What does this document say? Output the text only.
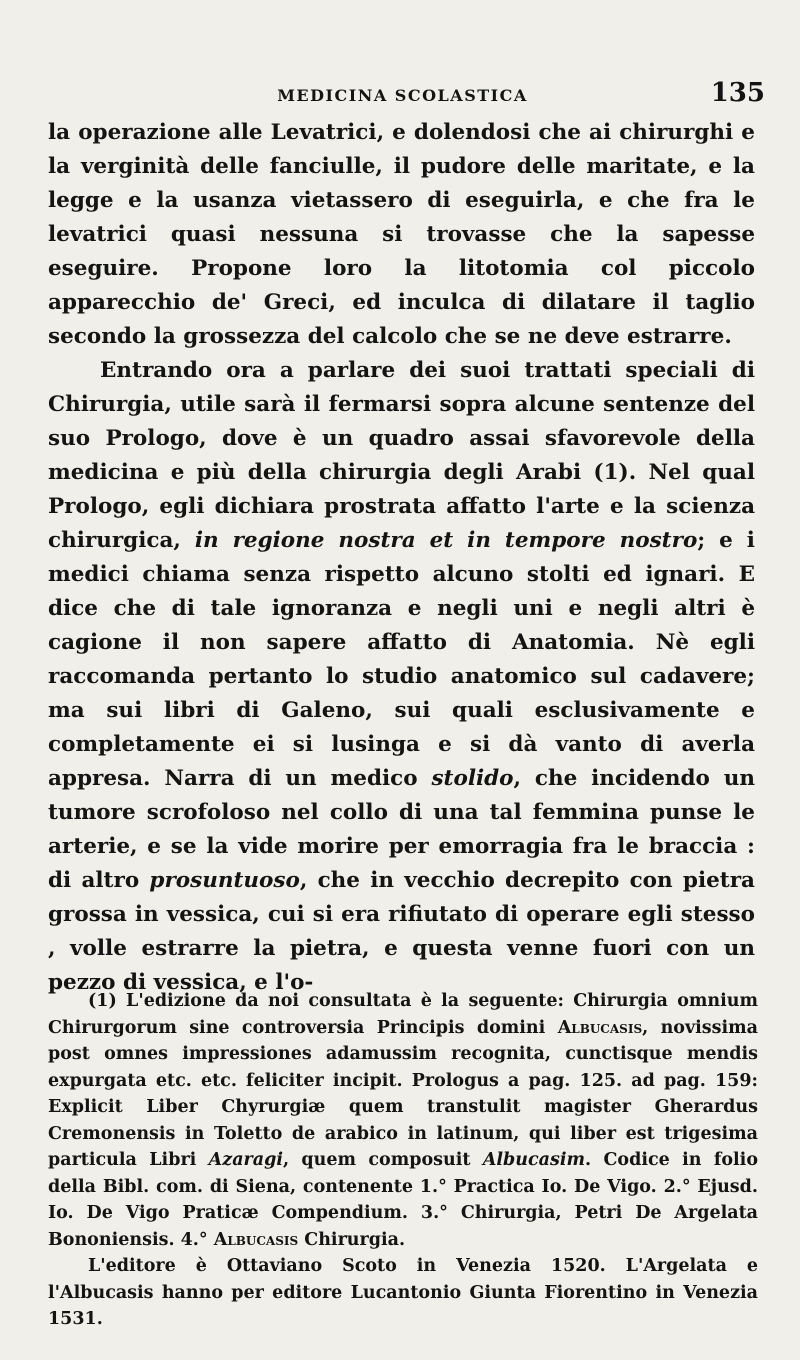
MEDICINA SCOLASTICA	135

la operazione alle Levatrici, e dolendosi che ai chirurghi e la verginità delle fanciulle, il pudore delle maritate, e la legge e la usanza vietassero di eseguirla, e che fra le levatrici quasi nessuna si trovasse che la sapesse eseguire. Propone loro la litotomia col piccolo apparecchio de' Greci, ed inculca di dilatare il taglio secondo la grossezza del calcolo che se ne deve estrarre.

Entrando ora a parlare dei suoi trattati speciali di Chirurgia, utile sarà il fermarsi sopra alcune sentenze del suo Prologo, dove è un quadro assai sfavorevole della medicina e più della chirurgia degli Arabi (1). Nel qual Prologo, egli dichiara prostrata affatto l'arte e la scienza chirurgica, in regione nostra et in tempore nostro; e i medici chiama senza rispetto alcuno stolti ed ignari. E dice che di tale ignoranza e negli uni e negli altri è cagione il non sapere affatto di Anatomia. Nè egli raccomanda pertanto lo studio anatomico sul cadavere; ma sui libri di Galeno, sui quali esclusivamente e completamente ei si lusinga e si dà vanto di averla appresa. Narra di un medico stolido, che incidendo un tumore scrofoloso nel collo di una tal femmina punse le arterie, e se la vide morire per emorragia fra le braccia : di altro prosuntuoso, che in vecchio decrepito con pietra grossa in vessica, cui si era rifiutato di operare egli stesso , volle estrarre la pietra, e questa venne fuori con un pezzo di vessica, e l'o-

(1) L'edizione da noi consultata è la seguente: Chirurgia omnium Chirurgorum sine controversia Principis domini Albucasis, novissima post omnes impressiones adamussim recognita, cunctisque mendis expurgata etc. etc. feliciter incipit. Prologus a pag. 125. ad pag. 159: Explicit Liber Chyrurgiæ quem transtulit magister Gherardus Cremonensis in Toletto de arabico in latinum, qui liber est trigesima particula Libri Azaragi, quem composuit Albucasim. Codice in folio della Bibl. com. di Siena, contenente 1.° Practica Io. De Vigo. 2.° Ejusd. Io. De Vigo Praticæ Compendium. 3.° Chirurgia, Petri De Argelata Bononiensis. 4.° Albucasis Chirurgia.

L'editore è Ottaviano Scoto in Venezia 1520. L'Argelata e l'Albucasis hanno per editore Lucantonio Giunta Fiorentino in Venezia 1531.
